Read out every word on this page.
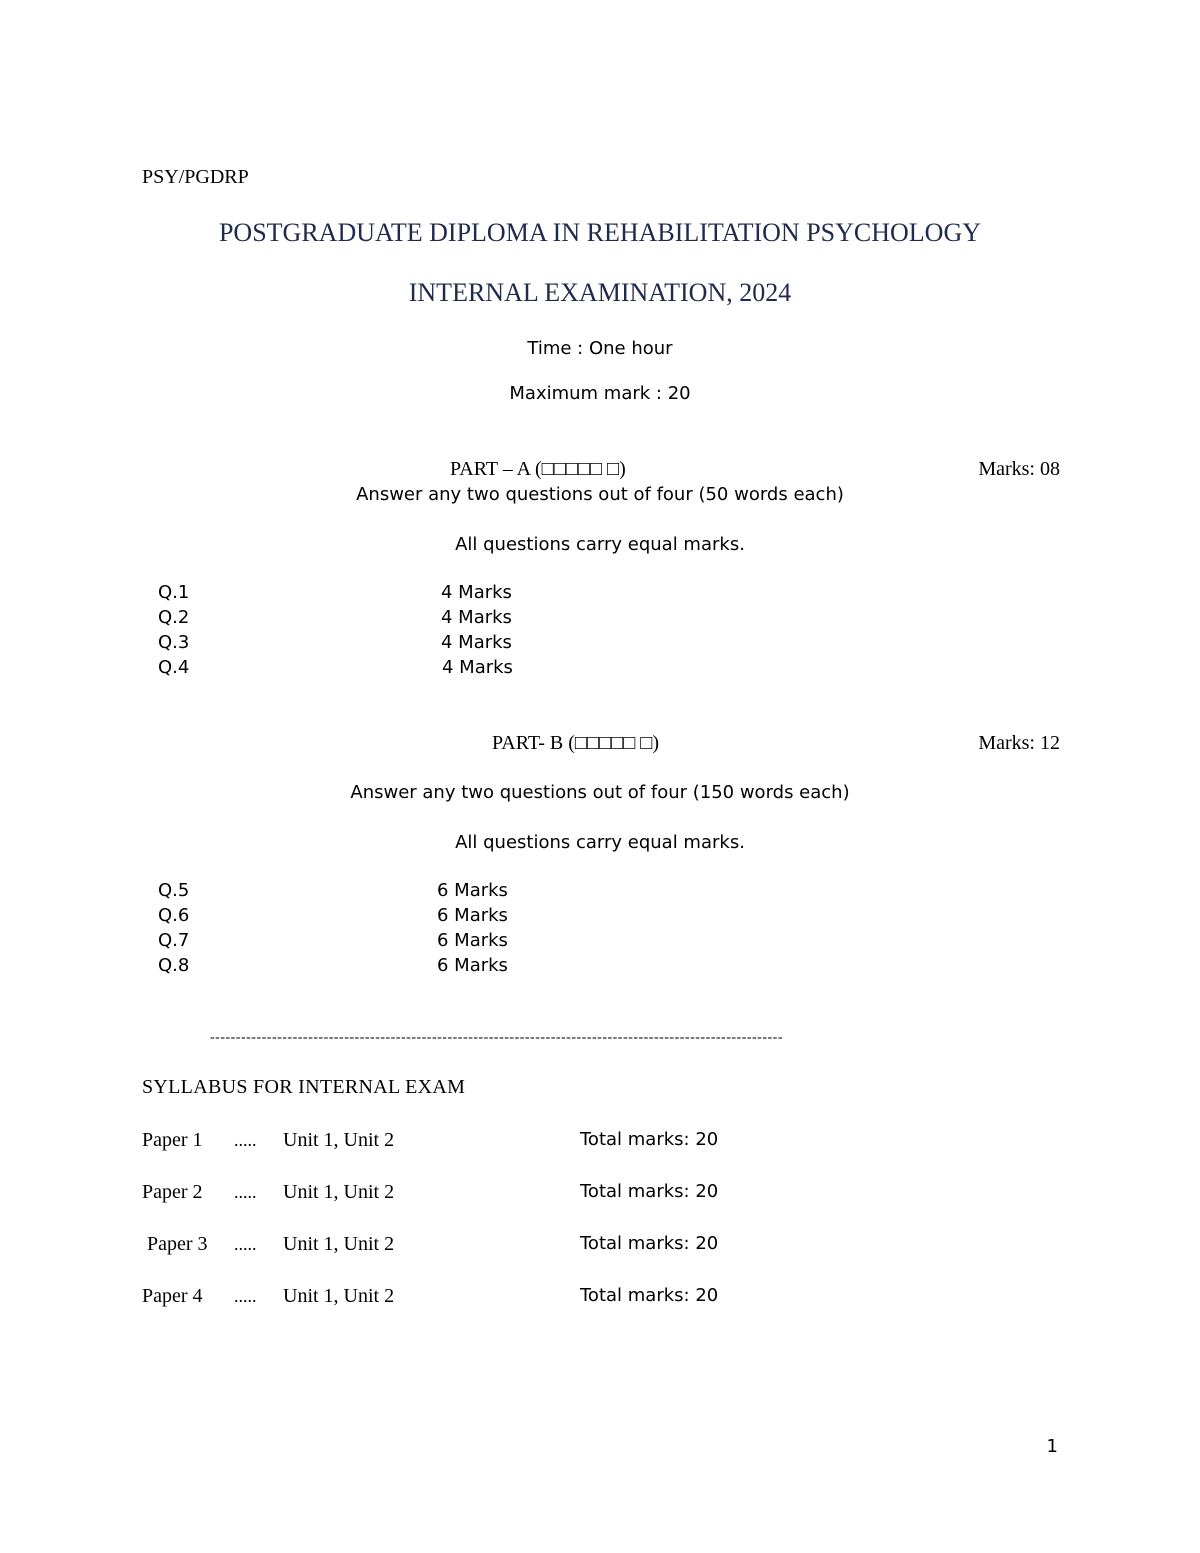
PSY/PGDRP
POSTGRADUATE DIPLOMA IN REHABILITATION PSYCHOLOGY
INTERNAL EXAMINATION, 2024
Time : One hour
Maximum mark : 20
PART – A (□□□□□ □)	Marks: 08
Answer any two questions out of four (50 words each)
All questions carry equal marks.
Q.1	4 Marks
Q.2	4 Marks
Q.3	4 Marks
Q.4	4 Marks
PART- B (□□□□□ □)	Marks: 12
Answer any two questions out of four (150 words each)
All questions carry equal marks.
Q.5	6 Marks
Q.6	6 Marks
Q.7	6 Marks
Q.8	6 Marks
---------------------------------------------------------------------------------------------------------------
SYLLABUS FOR INTERNAL EXAM
Paper 1 ..... Unit 1, Unit 2	Total marks: 20
Paper 2 ..... Unit 1, Unit 2	Total marks: 20
Paper 3 ..... Unit 1, Unit 2	Total marks: 20
Paper 4 ..... Unit 1, Unit 2	Total marks: 20
1
